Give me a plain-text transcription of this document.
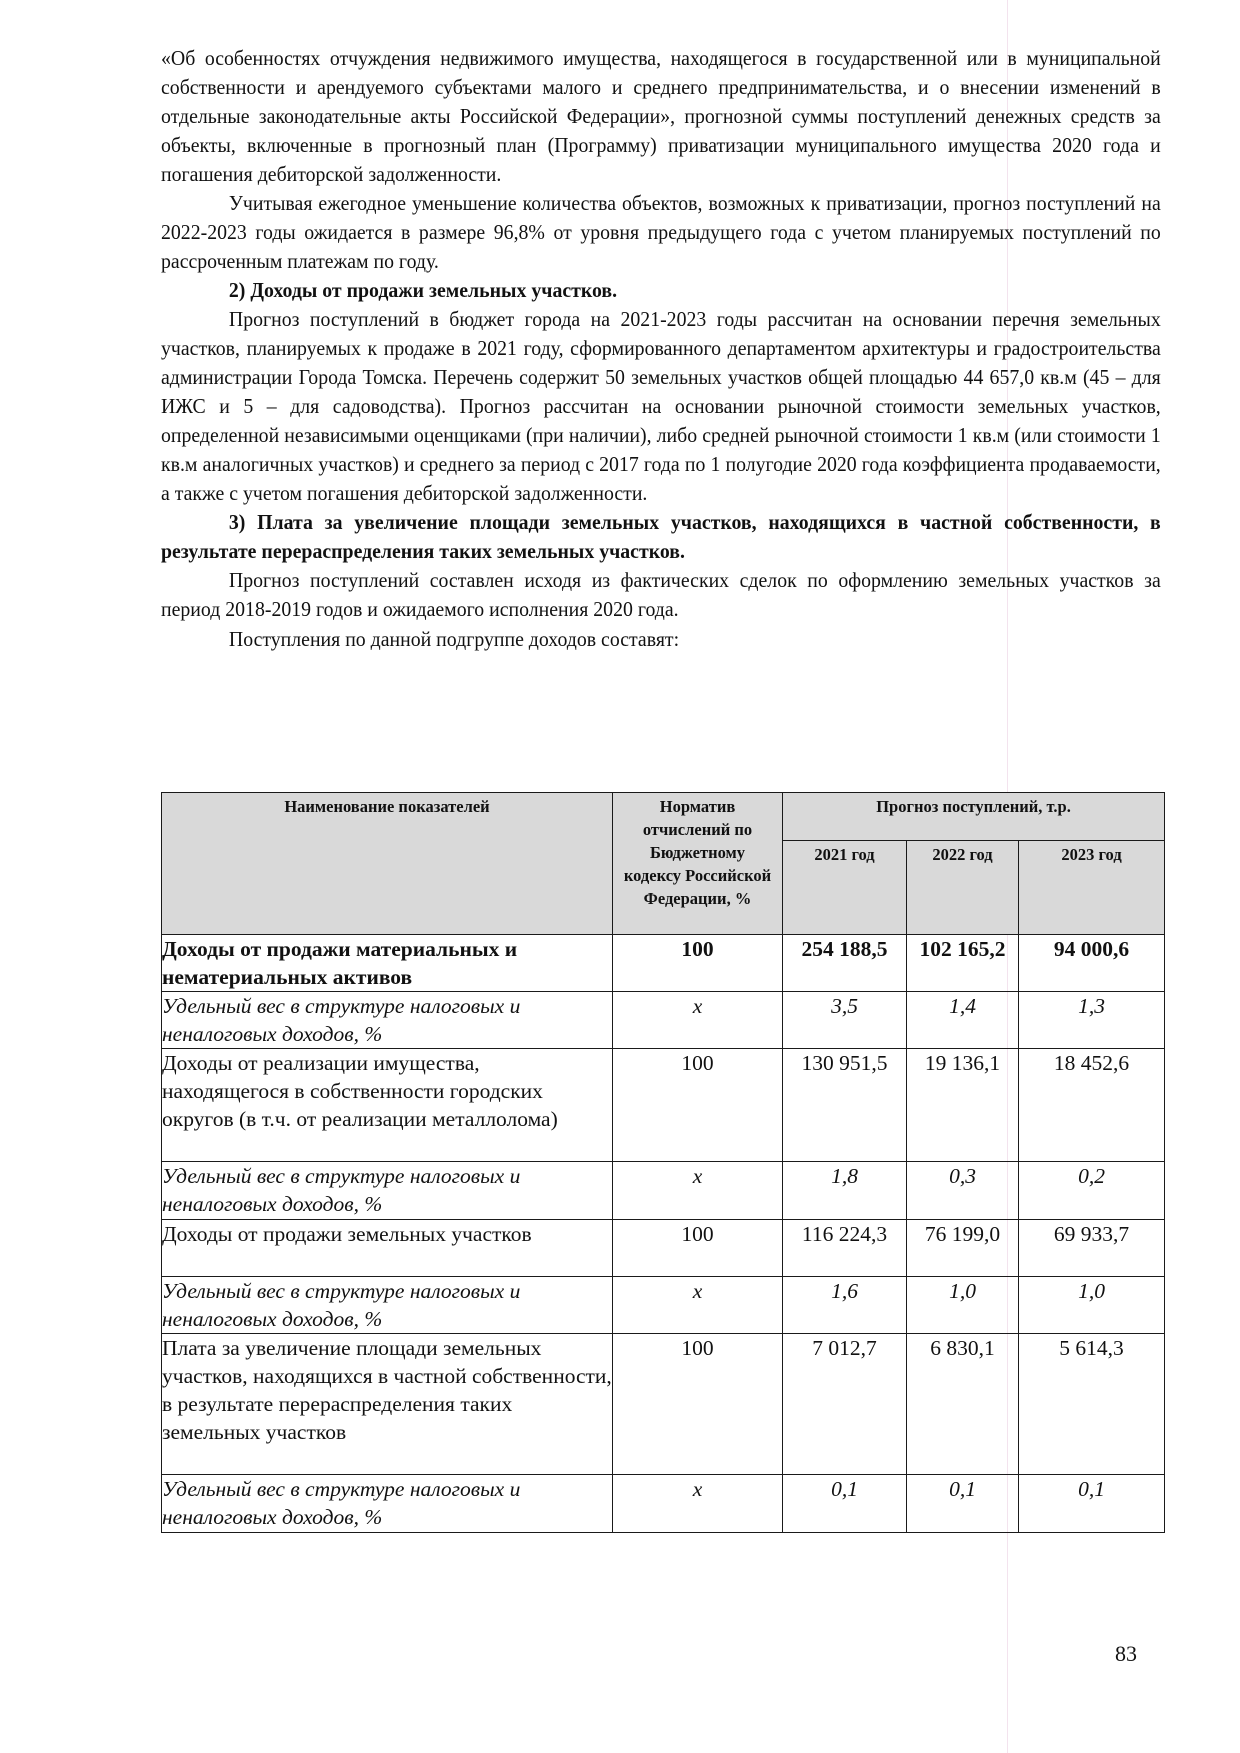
«Об особенностях отчуждения недвижимого имущества, находящегося в государственной или в муниципальной собственности и арендуемого субъектами малого и среднего предпринимательства, и о внесении изменений в отдельные законодательные акты Российской Федерации», прогнозной суммы поступлений денежных средств за объекты, включенные в прогнозный план (Программу) приватизации муниципального имущества 2020 года и погашения дебиторской задолженности.

Учитывая ежегодное уменьшение количества объектов, возможных к приватизации, прогноз поступлений на 2022-2023 годы ожидается в размере 96,8% от уровня предыдущего года с учетом планируемых поступлений по рассроченным платежам по году.

2) Доходы от продажи земельных участков.

Прогноз поступлений в бюджет города на 2021-2023 годы рассчитан на основании перечня земельных участков, планируемых к продаже в 2021 году, сформированного департаментом архитектуры и градостроительства администрации Города Томска. Перечень содержит 50 земельных участков общей площадью 44 657,0 кв.м (45 – для ИЖС и 5 – для садоводства). Прогноз рассчитан на основании рыночной стоимости земельных участков, определенной независимыми оценщиками (при наличии), либо средней рыночной стоимости 1 кв.м (или стоимости 1 кв.м аналогичных участков) и среднего за период с 2017 года по 1 полугодие 2020 года коэффициента продаваемости, а также с учетом погашения дебиторской задолженности.

3) Плата за увеличение площади земельных участков, находящихся в частной собственности, в результате перераспределения таких земельных участков.

Прогноз поступлений составлен исходя из фактических сделок по оформлению земельных участков за период 2018-2019 годов и ожидаемого исполнения 2020 года.

Поступления по данной подгруппе доходов составят:

Наименование показателей	Норматив отчислений по Бюджетному кодексу Российской Федерации, %	Прогноз поступлений, т.р.		
		2021 год	2022 год	2023 год
Доходы от продажи материальных и нематериальных активов	100	254 188,5	102 165,2	94 000,6
Удельный вес в структуре налоговых и неналоговых доходов, %	x	3,5	1,4	1,3
Доходы от реализации имущества, находящегося в собственности городских округов (в т.ч. от реализации металлолома)	100	130 951,5	19 136,1	18 452,6
Удельный вес в структуре налоговых и неналоговых доходов, %	x	1,8	0,3	0,2
Доходы от продажи земельных участков	100	116 224,3	76 199,0	69 933,7
Удельный вес в структуре налоговых и неналоговых доходов, %	x	1,6	1,0	1,0
Плата за увеличение площади земельных участков, находящихся в частной собственности, в результате перераспределения таких земельных участков	100	7 012,7	6 830,1	5 614,3
Удельный вес в структуре налоговых и неналоговых доходов, %	x	0,1	0,1	0,1
83
